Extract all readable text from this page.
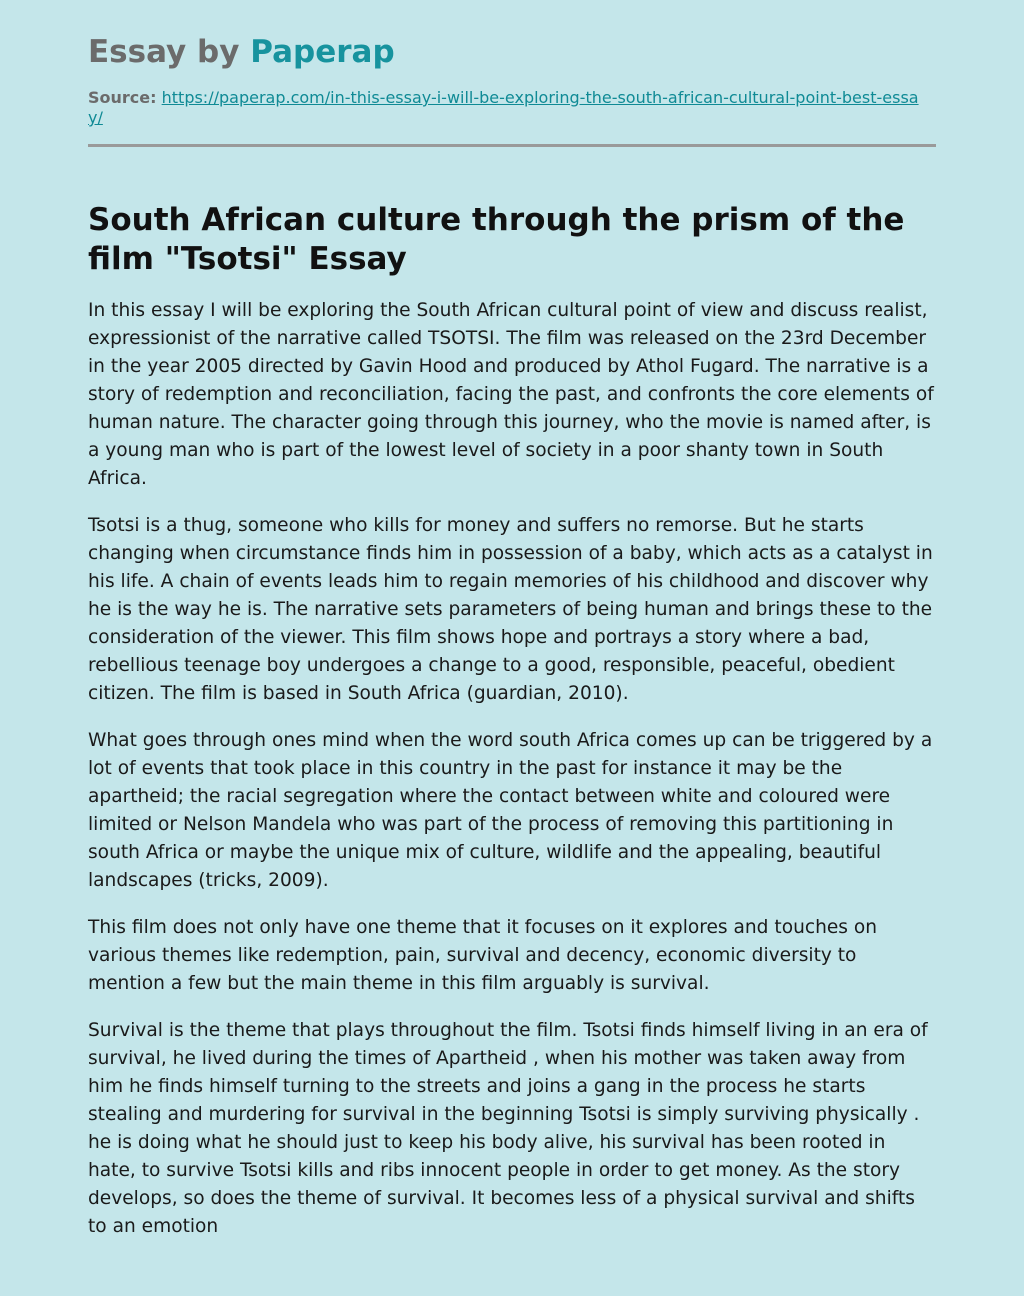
Essay by Paperap
Source: https://paperap.com/in-this-essay-i-will-be-exploring-the-south-african-cultural-point-best-essay/
South African culture through the prism of the film "Tsotsi" Essay

In this essay I will be exploring the South African cultural point of view and discuss realist, expressionist of the narrative called TSOTSI. The film was released on the 23rd December in the year 2005 directed by Gavin Hood and produced by Athol Fugard. The narrative is a story of redemption and reconciliation, facing the past, and confronts the core elements of human nature. The character going through this journey, who the movie is named after, is a young man who is part of the lowest level of society in a poor shanty town in South Africa.

Tsotsi is a thug, someone who kills for money and suffers no remorse. But he starts changing when circumstance finds him in possession of a baby, which acts as a catalyst in his life. A chain of events leads him to regain memories of his childhood and discover why he is the way he is. The narrative sets parameters of being human and brings these to the consideration of the viewer. This film shows hope and portrays a story where a bad, rebellious teenage boy undergoes a change to a good, responsible, peaceful, obedient citizen. The film is based in South Africa (guardian, 2010).

What goes through ones mind when the word south Africa comes up can be triggered by a lot of events that took place in this country in the past for instance it may be the apartheid; the racial segregation where the contact between white and coloured were limited or Nelson Mandela who was part of the process of removing this partitioning in south Africa or maybe the unique mix of culture, wildlife and the appealing, beautiful landscapes (tricks, 2009).

This film does not only have one theme that it focuses on it explores and touches on various themes like redemption, pain, survival and decency, economic diversity to mention a few but the main theme in this film arguably is survival.

Survival is the theme that plays throughout the film. Tsotsi finds himself living in an era of survival, he lived during the times of Apartheid , when his mother was taken away from him he finds himself turning to the streets and joins a gang in the process he starts stealing and murdering for survival in the beginning Tsotsi is simply surviving physically . he is doing what he should just to keep his body alive, his survival has been rooted in hate, to survive Tsotsi kills and ribs innocent people in order to get money. As the story develops, so does the theme of survival. It becomes less of a physical survival and shifts to an emotion
